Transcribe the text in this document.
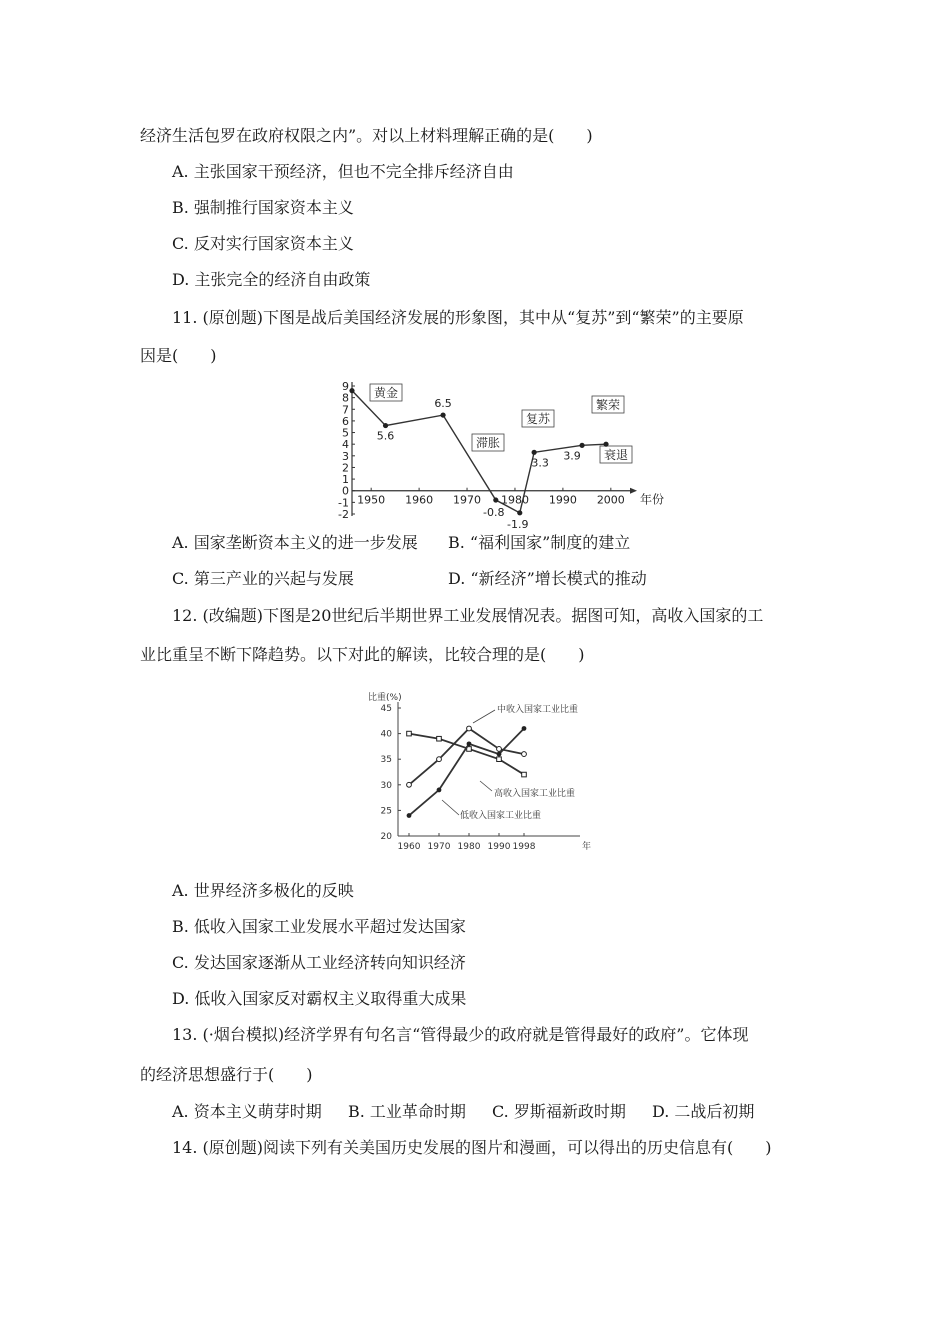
经济生活包罗在政府权限之内”。对以上材料理解正确的是(　　)
A. 主张国家干预经济，但也不完全排斥经济自由
B. 强制推行国家资本主义
C. 反对实行国家资本主义
D. 主张完全的经济自由政策
11. (原创题)下图是战后美国经济发展的形象图，其中从“复苏”到“繁荣”的主要原
因是(　　)
9
8
7
6
5
4
3
2
1
0
-1
-2
1950 1960 1970 1980 1990 2000 年份
黄金
滞胀
复苏
繁荣
衰退
5.6
6.5
-0.8
-1.9
3.3
3.9
A. 国家垄断资本主义的进一步发展 B. “福利国家”制度的建立
C. 第三产业的兴起与发展	D. “新经济”增长模式的推动
12. (改编题)下图是20世纪后半期世界工业发展情况表。据图可知，高收入国家的工
业比重呈不断下降趋势。以下对此的解读，比较合理的是(　　)
比重(%)
45
40
35
30
25
20
1960 1970 1980 1990 1998	年
中收入国家工业比重
高收入国家工业比重
低收入国家工业比重
A. 世界经济多极化的反映
B. 低收入国家工业发展水平超过发达国家
C. 发达国家逐渐从工业经济转向知识经济
D. 低收入国家反对霸权主义取得重大成果
13. (·烟台模拟)经济学界有句名言“管得最少的政府就是管得最好的政府”。它体现
的经济思想盛行于(　　)
A. 资本主义萌芽时期 B. 工业革命时期 C. 罗斯福新政时期 D. 二战后初期
14. (原创题)阅读下列有关美国历史发展的图片和漫画，可以得出的历史信息有(　　)
